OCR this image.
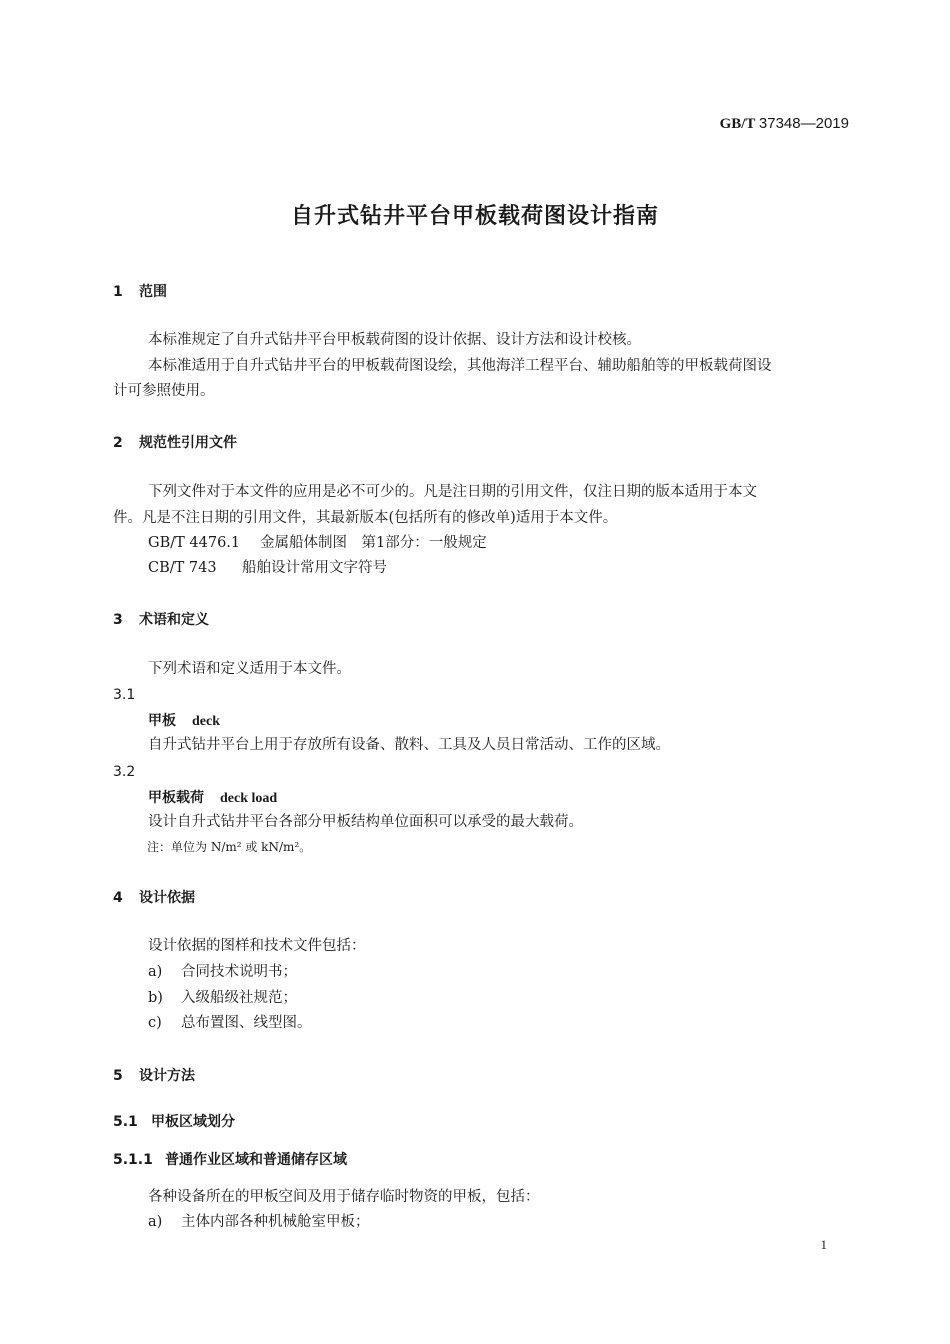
GB/T 37348—2019
自升式钻井平台甲板载荷图设计指南
1 范围
本标准规定了自升式钻井平台甲板载荷图的设计依据、设计方法和设计校核。
本标准适用于自升式钻井平台的甲板载荷图设绘，其他海洋工程平台、辅助船舶等的甲板载荷图设
计可参照使用。
2 规范性引用文件
下列文件对于本文件的应用是必不可少的。凡是注日期的引用文件，仅注日期的版本适用于本文
件。凡是不注日期的引用文件，其最新版本(包括所有的修改单)适用于本文件。
GB/T 4476.1 金属船体制图　第1部分：一般规定
CB/T 743 船舶设计常用文字符号
3 术语和定义
下列术语和定义适用于本文件。
3.1
甲板 deck
自升式钻井平台上用于存放所有设备、散料、工具及人员日常活动、工作的区域。
3.2
甲板载荷 deck load
设计自升式钻井平台各部分甲板结构单位面积可以承受的最大载荷。
注：单位为 N/m² 或 kN/m²。
4 设计依据
设计依据的图样和技术文件包括：
a) 合同技术说明书；
b) 入级船级社规范；
c) 总布置图、线型图。
5 设计方法
5.1 甲板区域划分
5.1.1 普通作业区域和普通储存区域
各种设备所在的甲板空间及用于储存临时物资的甲板，包括：
a) 主体内部各种机械舱室甲板；
1
